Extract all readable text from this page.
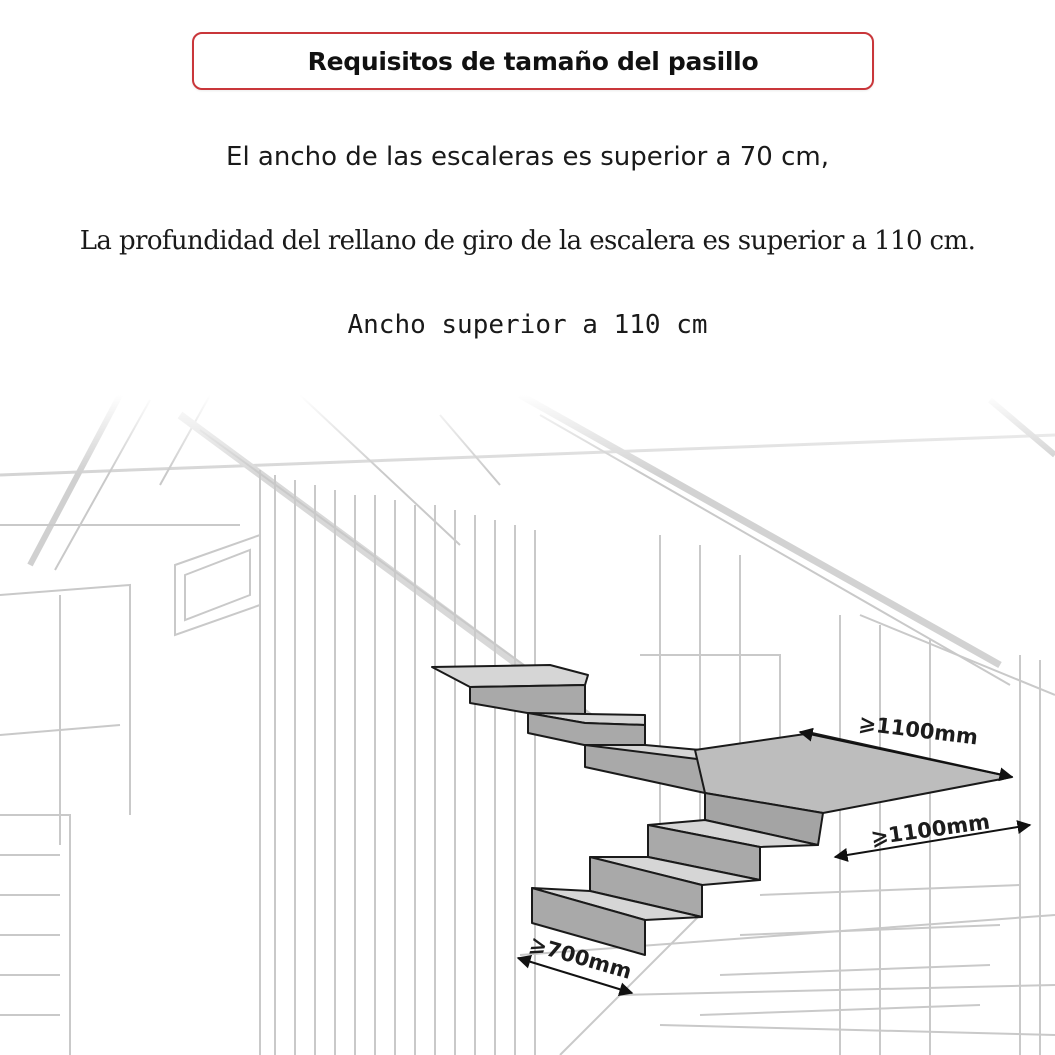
Requisitos de tamaño del pasillo
El ancho de las escaleras es superior a 70 cm,
La profundidad del rellano de giro de la escalera es superior a 110 cm.
Ancho superior a 110 cm
